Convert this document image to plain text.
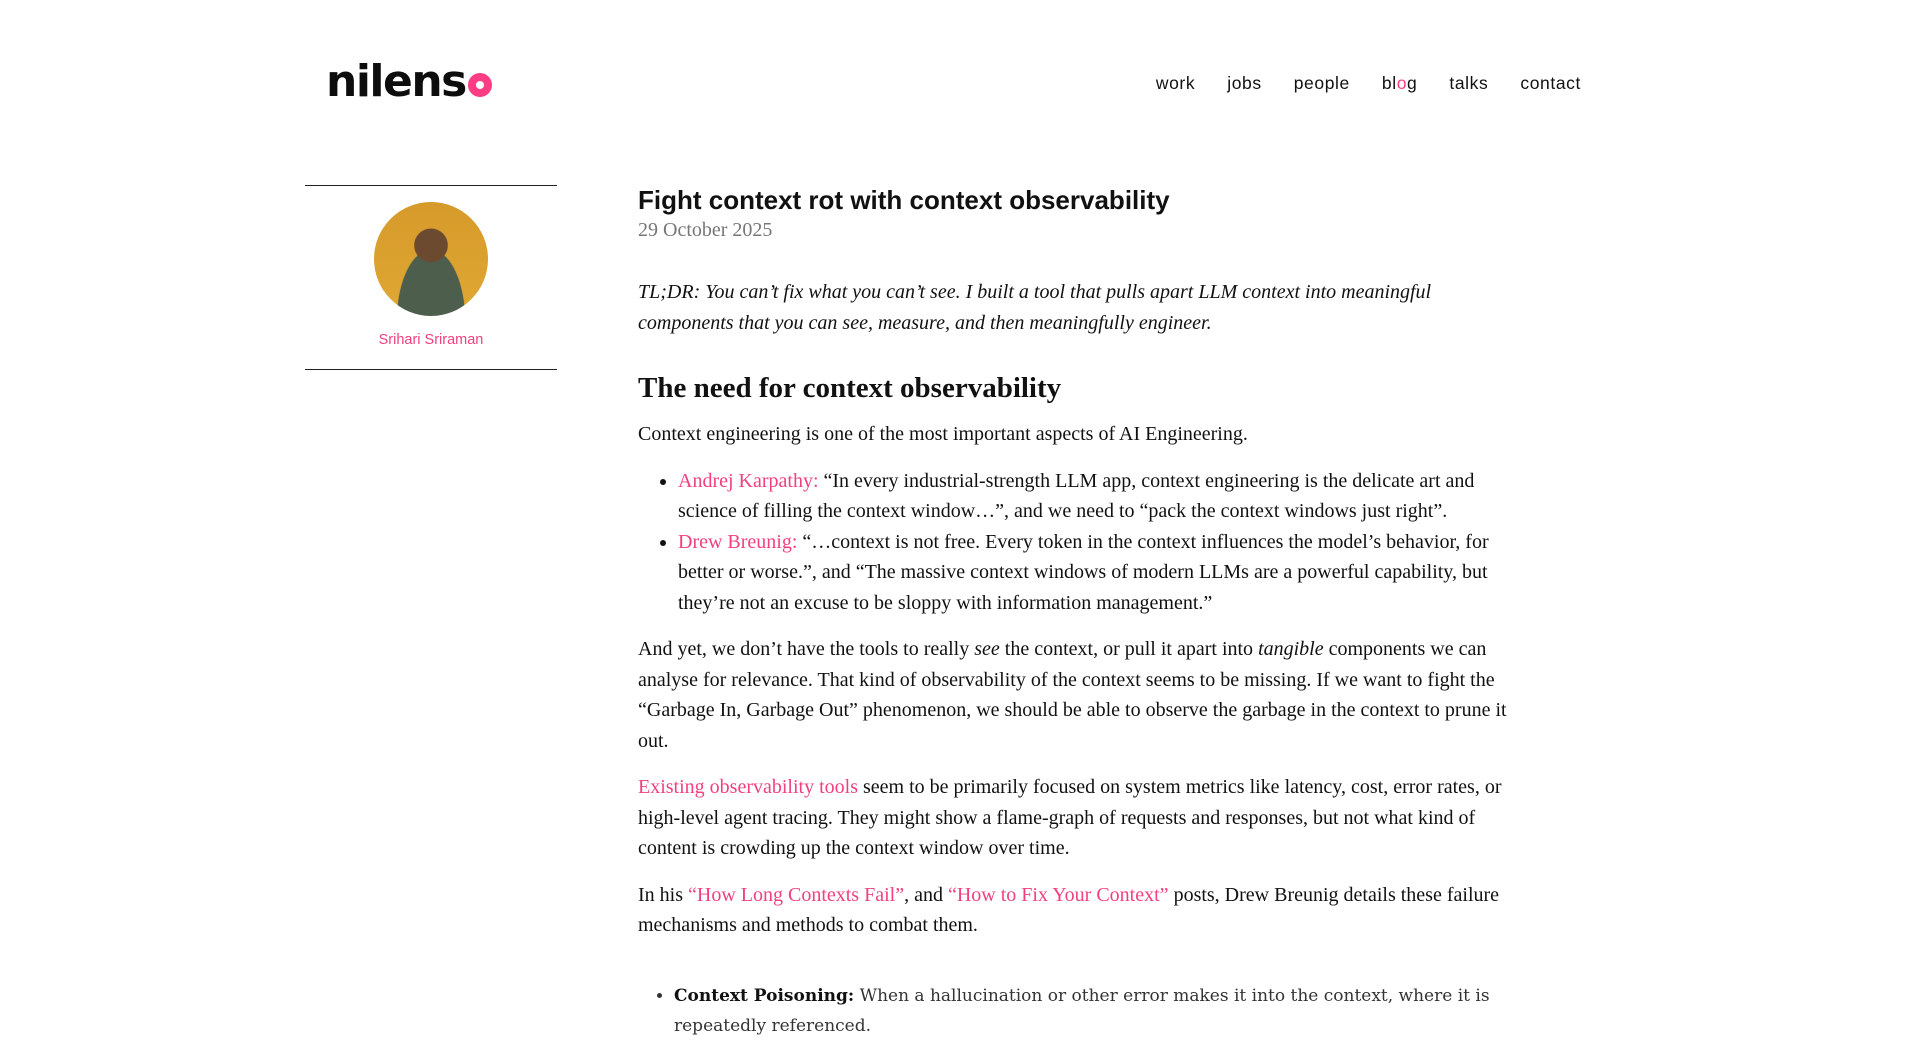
nilens	work jobs people blog talks contact
Srihari Sriraman
Fight context rot with context observability
29 October 2025

TL;DR: You can’t fix what you can’t see. I built a tool that pulls apart LLM context into meaningful components that you can see, measure, and then meaningfully engineer.

The need for context observability

Context engineering is one of the most important aspects of AI Engineering.

• Andrej Karpathy: “In every industrial-strength LLM app, context engineering is the delicate art and science of filling the context window…”, and we need to “pack the context windows just right”.
• Drew Breunig: “…context is not free. Every token in the context influences the model’s behavior, for better or worse.”, and “The massive context windows of modern LLMs are a powerful capability, but they’re not an excuse to be sloppy with information management.”

And yet, we don’t have the tools to really see the context, or pull it apart into tangible components we can analyse for relevance. That kind of observability of the context seems to be missing. If we want to fight the “Garbage In, Garbage Out” phenomenon, we should be able to observe the garbage in the context to prune it out.

Existing observability tools seem to be primarily focused on system metrics like latency, cost, error rates, or high-level agent tracing. They might show a flame-graph of requests and responses, but not what kind of content is crowding up the context window over time.

In his “How Long Contexts Fail”, and “How to Fix Your Context” posts, Drew Breunig details these failure mechanisms and methods to combat them.

• Context Poisoning: When a hallucination or other error makes it into the context, where it is repeatedly referenced.
